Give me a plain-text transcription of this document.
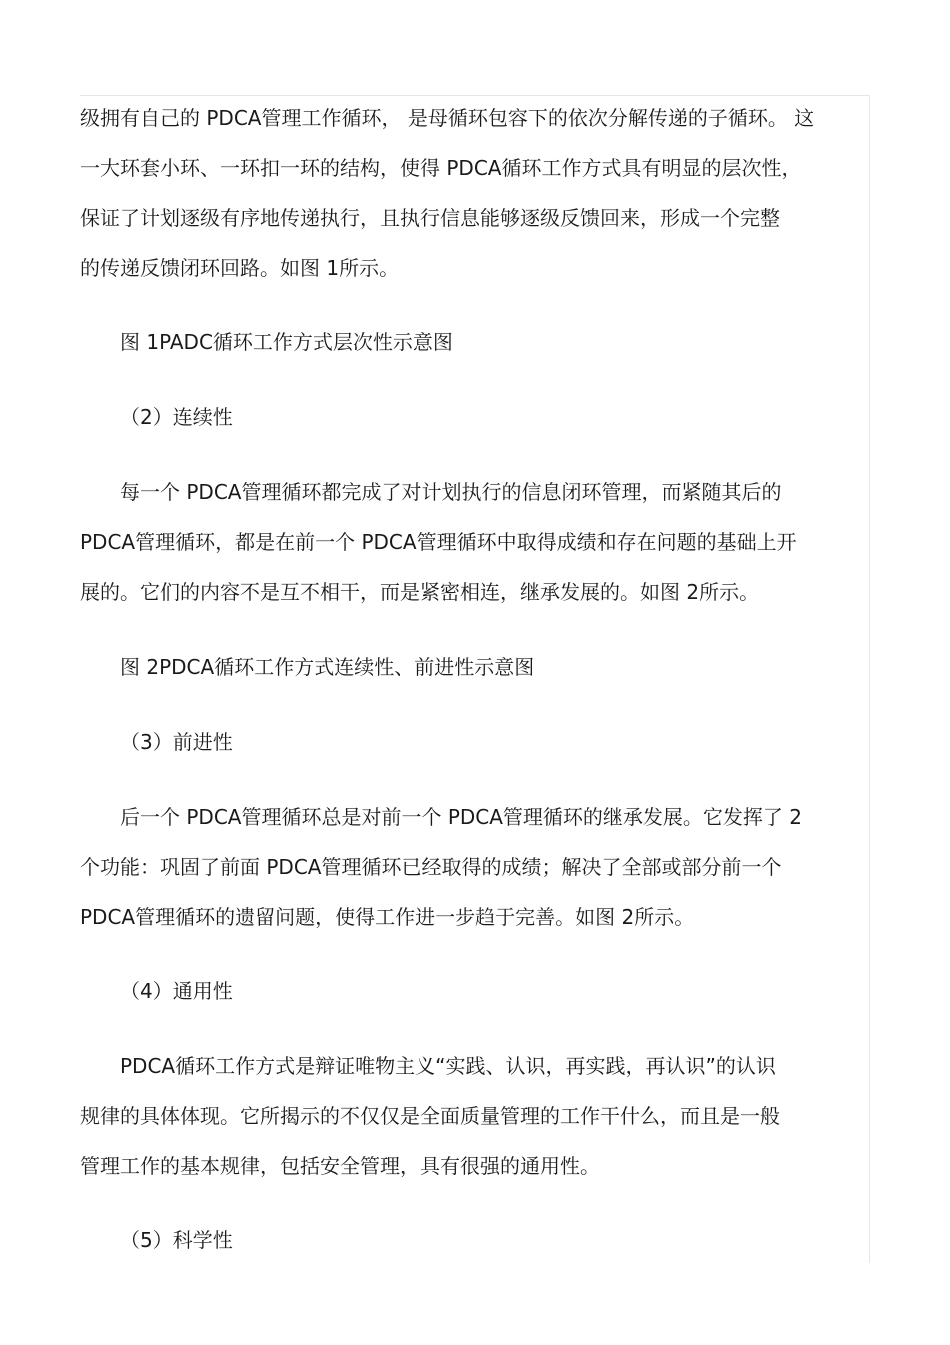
级拥有自己的 PDCA管理工作循环， 是母循环包容下的依次分解传递的子循环。 这
一大环套小环、一环扣一环的结构，使得 PDCA循环工作方式具有明显的层次性，
保证了计划逐级有序地传递执行，且执行信息能够逐级反馈回来，形成一个完整
的传递反馈闭环回路。如图 1所示。
图 1PADC循环工作方式层次性示意图
（2）连续性
每一个 PDCA管理循环都完成了对计划执行的信息闭环管理，而紧随其后的
PDCA管理循环，都是在前一个 PDCA管理循环中取得成绩和存在问题的基础上开
展的。它们的内容不是互不相干，而是紧密相连，继承发展的。如图 2所示。
图 2PDCA循环工作方式连续性、前进性示意图
（3）前进性
后一个 PDCA管理循环总是对前一个 PDCA管理循环的继承发展。它发挥了 2
个功能：巩固了前面 PDCA管理循环已经取得的成绩；解决了全部或部分前一个
PDCA管理循环的遗留问题，使得工作进一步趋于完善。如图 2所示。
（4）通用性
PDCA循环工作方式是辩证唯物主义“实践、认识，再实践，再认识”的认识
规律的具体体现。它所揭示的不仅仅是全面质量管理的工作干什么，而且是一般
管理工作的基本规律，包括安全管理，具有很强的通用性。
（5）科学性
